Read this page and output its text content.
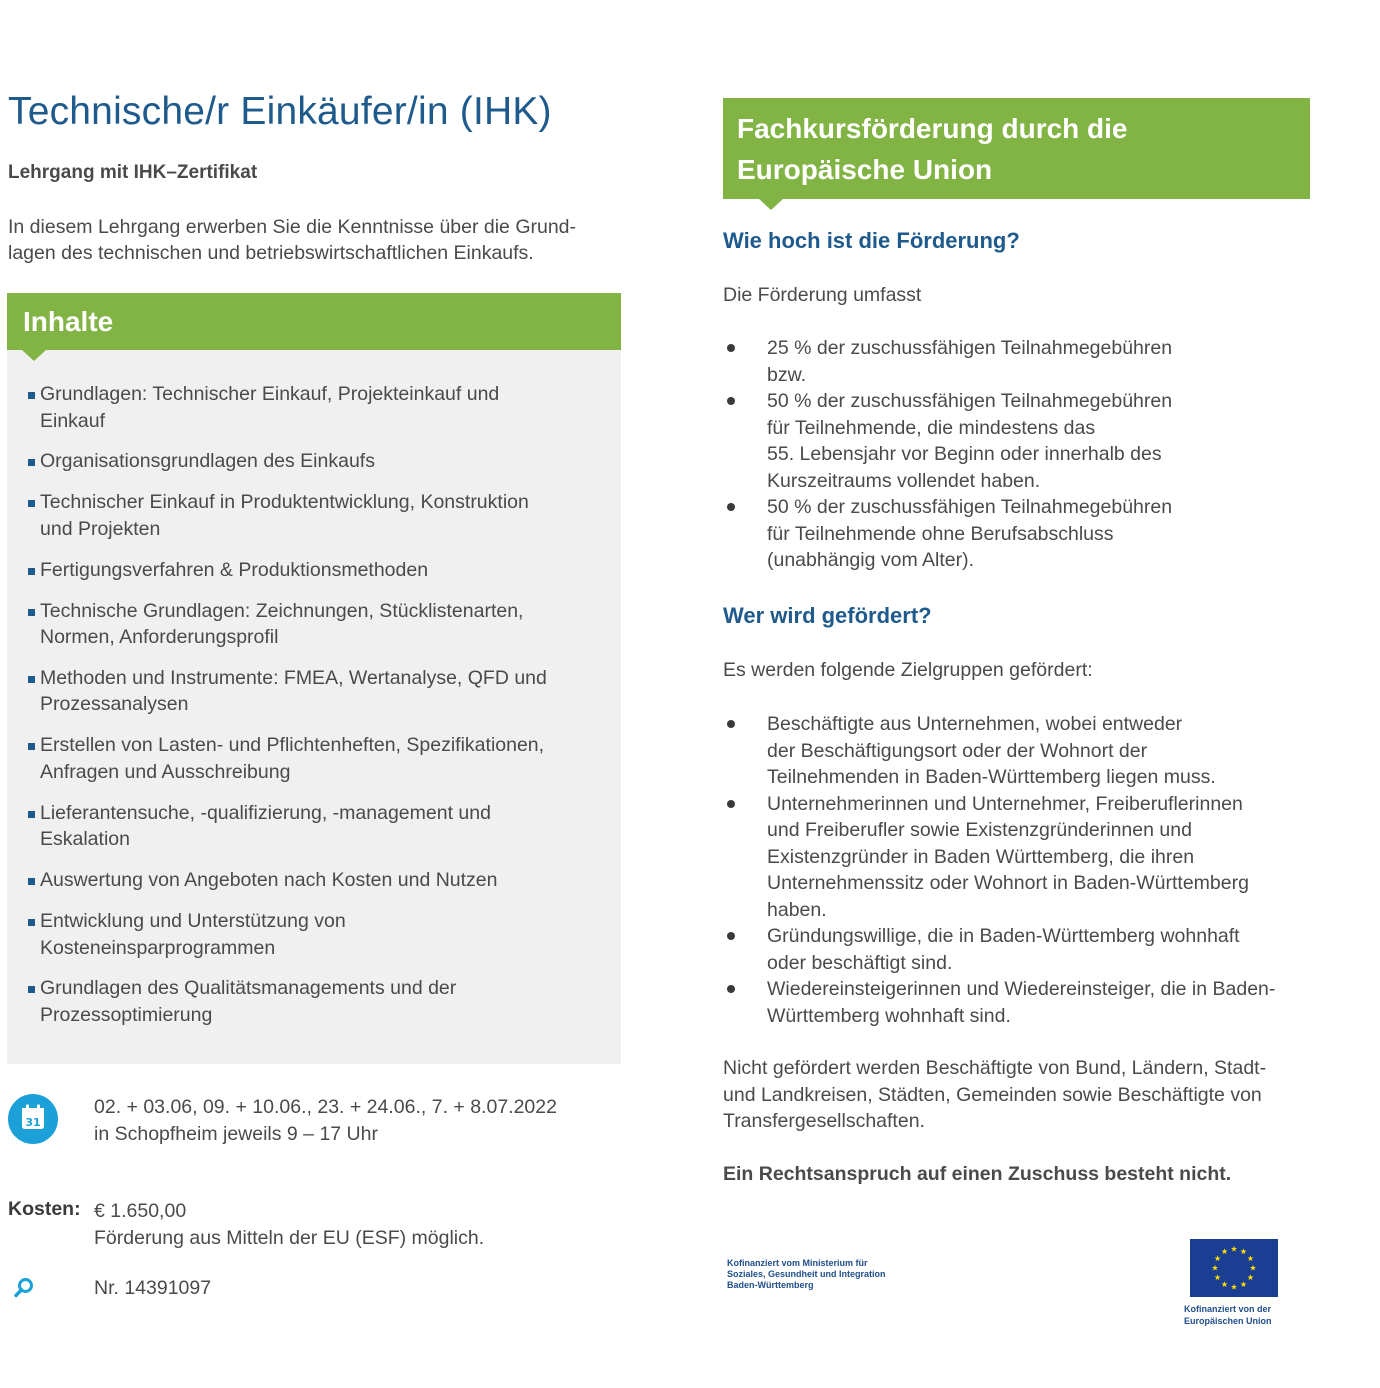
Technische/r Einkäufer/in (IHK)
Lehrgang mit IHK–Zertifikat
In diesem Lehrgang erwerben Sie die Kenntnisse über die Grund-
lagen des technischen und betriebswirtschaftlichen Einkaufs.
Inhalte
Grundlagen: Technischer Einkauf, Projekteinkauf und
Einkauf
Organisationsgrundlagen des Einkaufs
Technischer Einkauf in Produktentwicklung, Konstruktion
und Projekten
Fertigungsverfahren & Produktionsmethoden
Technische Grundlagen: Zeichnungen, Stücklistenarten,
Normen, Anforderungsprofil
Methoden und Instrumente: FMEA, Wertanalyse, QFD und
Prozessanalysen
Erstellen von Lasten- und Pflichtenheften, Spezifikationen,
Anfragen und Ausschreibung
Lieferantensuche, -qualifizierung, -management und
Eskalation
Auswertung von Angeboten nach Kosten und Nutzen
Entwicklung und Unterstützung von
Kosteneinsparprogrammen
Grundlagen des Qualitätsmanagements und der
Prozessoptimierung
31
02. + 03.06, 09. + 10.06., 23. + 24.06., 7. + 8.07.2022
in Schopfheim jeweils 9 – 17 Uhr
Kosten: € 1.650,00
Förderung aus Mitteln der EU (ESF) möglich.
Nr. 14391097
Fachkursförderung durch die
Europäische Union
Wie hoch ist die Förderung?
Die Förderung umfasst
25 % der zuschussfähigen Teilnahmegebühren
bzw.
50 % der zuschussfähigen Teilnahmegebühren
für Teilnehmende, die mindestens das
55. Lebensjahr vor Beginn oder innerhalb des
Kurszeitraums vollendet haben.
50 % der zuschussfähigen Teilnahmegebühren
für Teilnehmende ohne Berufsabschluss
(unabhängig vom Alter).
Wer wird gefördert?
Es werden folgende Zielgruppen gefördert:
Beschäftigte aus Unternehmen, wobei entweder
der Beschäftigungsort oder der Wohnort der
Teilnehmenden in Baden-Württemberg liegen muss.
Unternehmerinnen und Unternehmer, Freiberuflerinnen
und Freiberufler sowie Existenzgründerinnen und
Existenzgründer in Baden Württemberg, die ihren
Unternehmenssitz oder Wohnort in Baden-Württemberg
haben.
Gründungswillige, die in Baden-Württemberg wohnhaft
oder beschäftigt sind.
Wiedereinsteigerinnen und Wiedereinsteiger, die in Baden-
Württemberg wohnhaft sind.
Nicht gefördert werden Beschäftigte von Bund, Ländern, Stadt-
und Landkreisen, Städten, Gemeinden sowie Beschäftigte von
Transfergesellschaften.
Ein Rechtsanspruch auf einen Zuschuss besteht nicht.
Kofinanziert vom Ministerium für
Soziales, Gesundheit und Integration
Baden-Württemberg
Kofinanziert von der
Europäischen Union
